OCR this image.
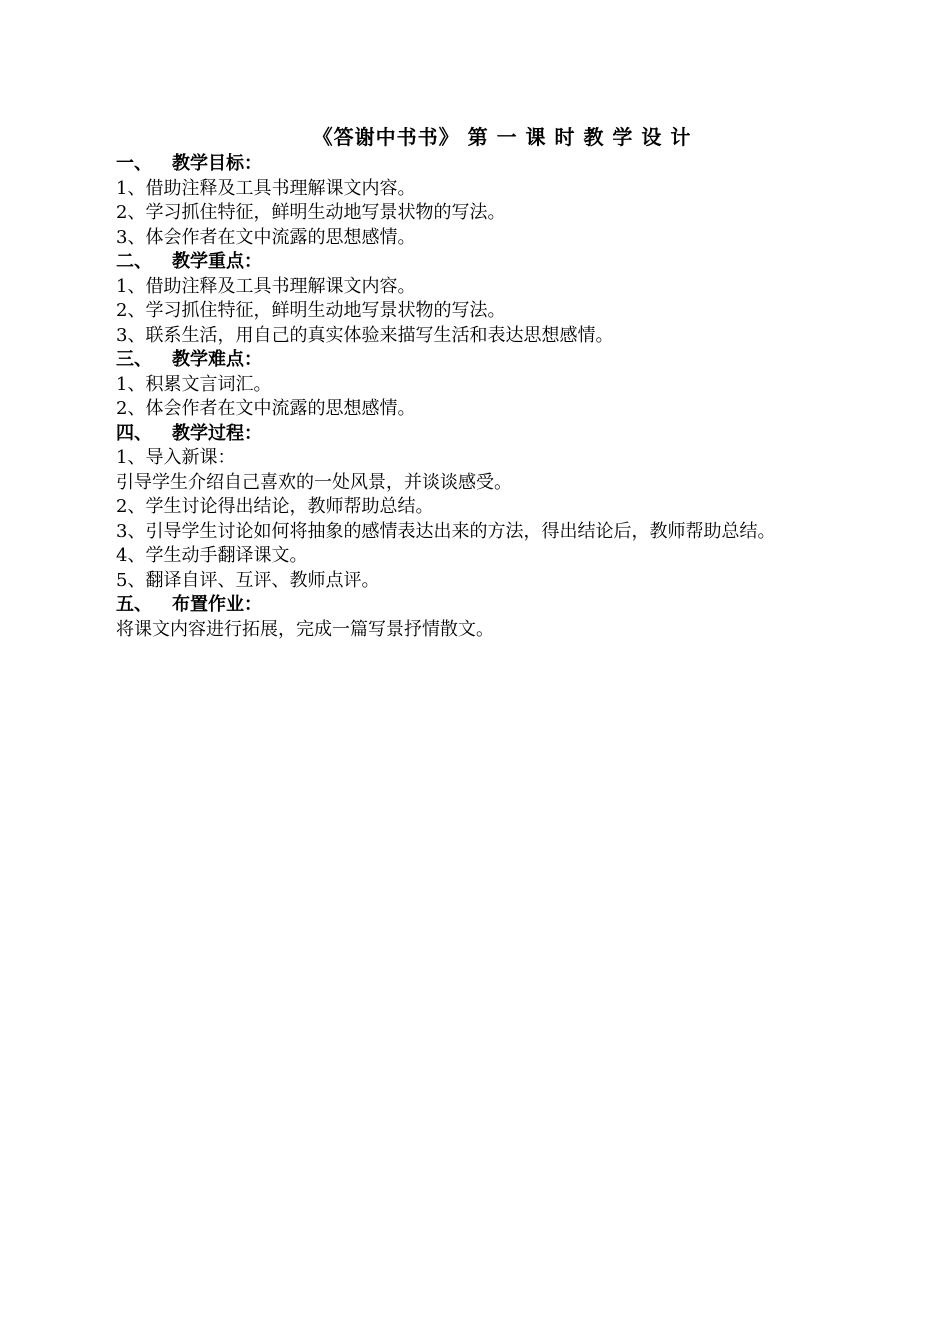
《答谢中书书》 第 一 课 时 教 学 设 计

一、 教学目标：

1、借助注释及工具书理解课文内容。

2、学习抓住特征，鲜明生动地写景状物的写法。

3、体会作者在文中流露的思想感情。

二、 教学重点：

1、借助注释及工具书理解课文内容。

2、学习抓住特征，鲜明生动地写景状物的写法。

3、联系生活，用自己的真实体验来描写生活和表达思想感情。

三、 教学难点：

1、积累文言词汇。

2、体会作者在文中流露的思想感情。

四、 教学过程：

1、导入新课：

引导学生介绍自己喜欢的一处风景，并谈谈感受。

2、学生讨论得出结论，教师帮助总结。

3、引导学生讨论如何将抽象的感情表达出来的方法，得出结论后，教师帮助总结。

4、学生动手翻译课文。

5、翻译自评、互评、教师点评。

五、 布置作业：

将课文内容进行拓展，完成一篇写景抒情散文。
